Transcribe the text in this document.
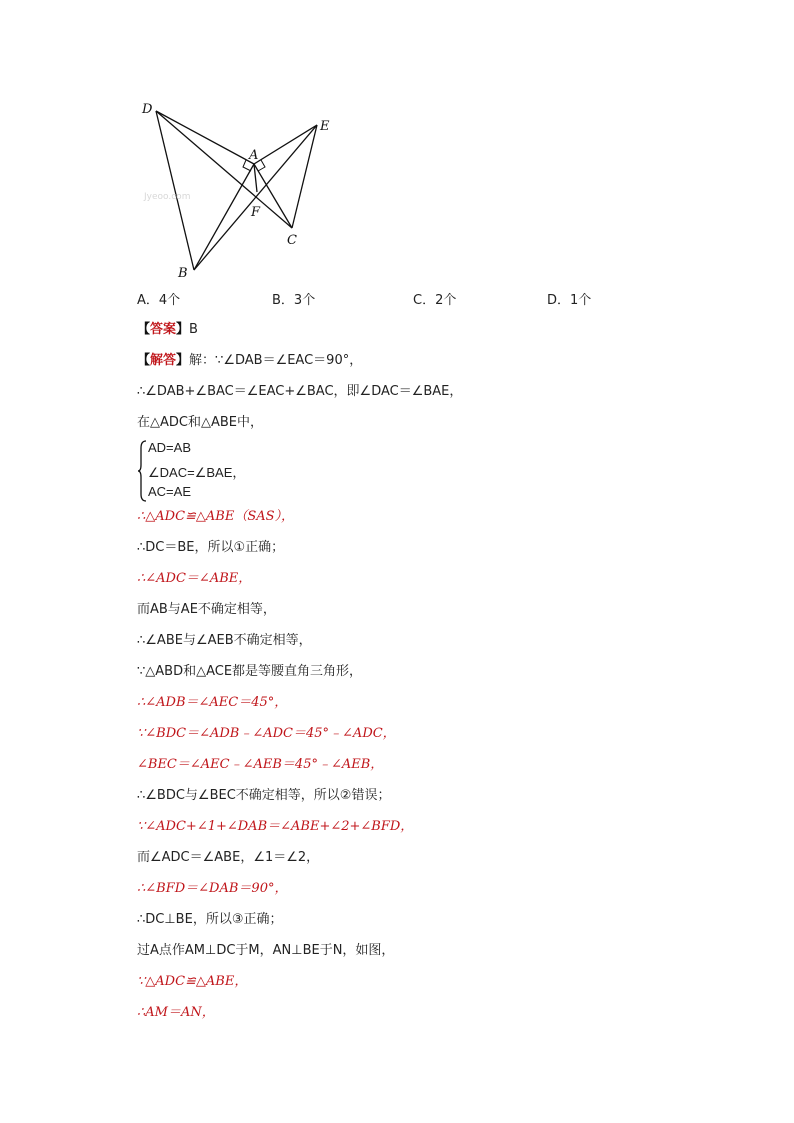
Jyeoo.com
D
E
A
F
C
B
A．4个	B．3个	C．2个	D．1个
【答案】B
【解答】解：∵∠DAB＝∠EAC＝90°，
∴∠DAB+∠BAC＝∠EAC+∠BAC，即∠DAC＝∠BAE，
在△ADC和△ABE中，
AD=AB
∠DAC=∠BAE，
AC=AE
∴△ADC≌△ABE（SAS），
∴DC＝BE，所以①正确；
∴∠ADC＝∠ABE，
而AB与AE不确定相等，
∴∠ABE与∠AEB不确定相等，
∵△ABD和△ACE都是等腰直角三角形，
∴∠ADB＝∠AEC＝45°，
∵∠BDC＝∠ADB﹣∠ADC＝45°﹣∠ADC，
∠BEC＝∠AEC﹣∠AEB＝45°﹣∠AEB，
∴∠BDC与∠BEC不确定相等，所以②错误；
∵∠ADC+∠1+∠DAB＝∠ABE+∠2+∠BFD，
而∠ADC＝∠ABE，∠1＝∠2，
∴∠BFD＝∠DAB＝90°，
∴DC⊥BE，所以③正确；
过A点作AM⊥DC于M，AN⊥BE于N，如图，
∵△ADC≌△ABE，
∴AM＝AN，
